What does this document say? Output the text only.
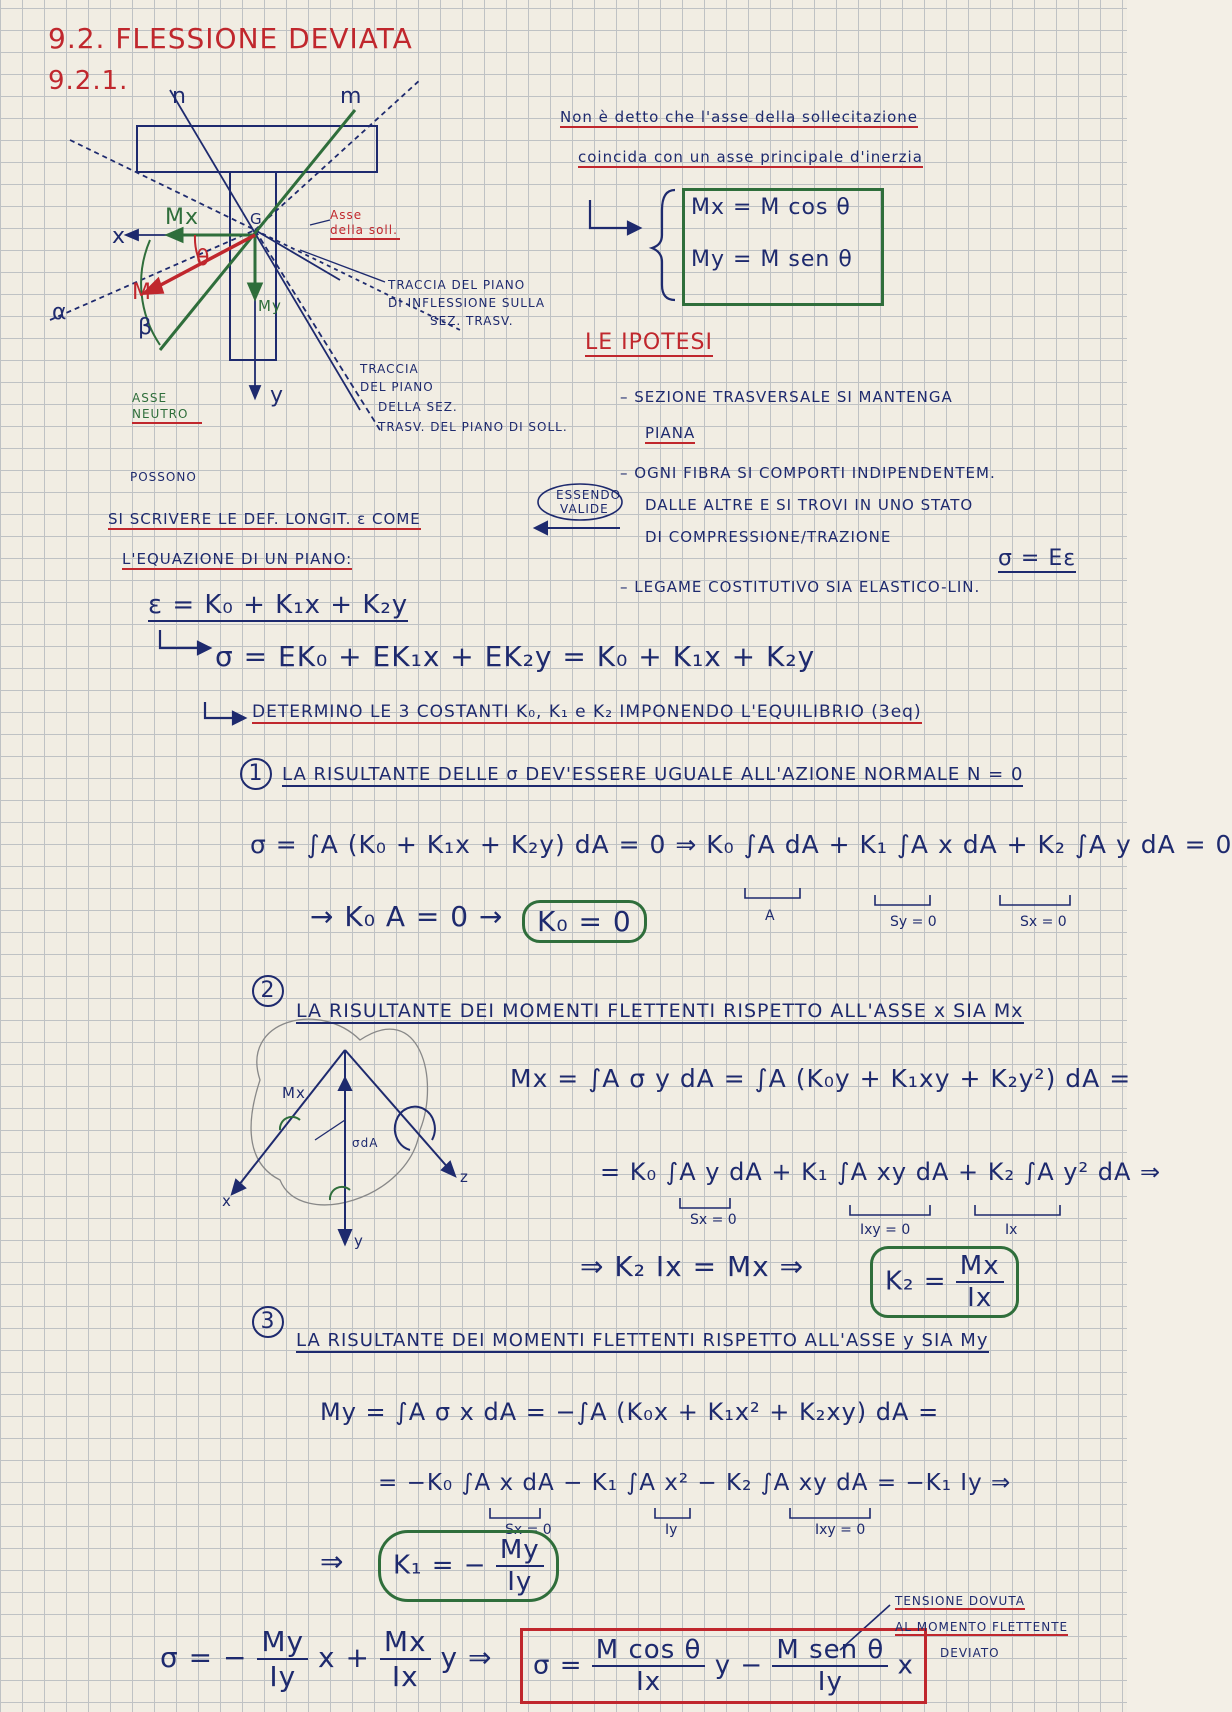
9.2. FLESSIONE DEVIATA
9.2.1.
n	m
x
y
Mx
My
M
θ
β
G
α
Asse della soll.
ASSE NEUTRO
TRACCIA DEL PIANO
DI INFLESSIONE SULLA
SEZ. TRASV.
TRACCIA
DEL PIANO
DELLA SEZ.
TRASV. DEL PIANO DI SOLL.
Non è detto che l'asse della sollecitazione
coincida con un asse principale d'inerzia
Mx = M cos θ
My = M sen θ
LE IPOTESI
– SEZIONE TRASVERSALE SI MANTENGA
PIANA
– OGNI FIBRA SI COMPORTI INDIPENDENTEM.
DALLE ALTRE E SI TROVI IN UNO STATO
DI COMPRESSIONE/TRAZIONE
σ = Eε
– LEGAME COSTITUTIVO SIA ELASTICO-LIN.
ESSENDO
VALIDE
POSSONO
SI SCRIVERE LE DEF. LONGIT. ε COME
L'EQUAZIONE DI UN PIANO:
ε = K₀ + K₁x + K₂y
σ = EK₀ + EK₁x + EK₂y = K₀ + K₁x + K₂y
DETERMINO LE 3 COSTANTI K₀, K₁ e K₂ IMPONENDO L'EQUILIBRIO (3eq)
1	LA RISULTANTE DELLE σ DEV'ESSERE UGUALE ALL'AZIONE NORMALE N = 0
σ = ∫A (K₀ + K₁x + K₂y) dA = 0 ⇒ K₀ ∫A dA + K₁ ∫A x dA + K₂ ∫A y dA = 0
A	Sy = 0	Sx = 0
→ K₀ A = 0 →	K₀ = 0
2
LA RISULTANTE DEI MOMENTI FLETTENTI RISPETTO ALL'ASSE x SIA Mx
Mx = ∫A σ y dA = ∫A (K₀y + K₁xy + K₂y²) dA =
= K₀ ∫A y dA + K₁ ∫A xy dA + K₂ ∫A y² dA ⇒
Sx = 0
Ixy = 0	Ix
⇒ K₂ Ix = Mx ⇒	$K_2 = \frac{Mx}{Ix}$
Mx
x
y
z
σdA
3
LA RISULTANTE DEI MOMENTI FLETTENTI RISPETTO ALL'ASSE y SIA My
My = ∫A σ x dA = −∫A (K₀x + K₁x² + K₂xy) dA =
= −K₀ ∫A x dA − K₁ ∫A x² − K₂ ∫A xy dA = −K₁ Iy ⇒
Sx = 0	Iy	Ixy = 0
⇒	K₁ = − $\frac{My}{Iy}$
σ = − $\frac{My}{Iy}$ $x + \frac{Mx}{Ix}$ y ⇒	$\sigma = \frac{\text{M cos θ}}{Ix}$ $y - \frac{\text{M sen θ}}{Iy}$ x
TENSIONE DOVUTA
AL MOMENTO FLETTENTE
DEVIATO
